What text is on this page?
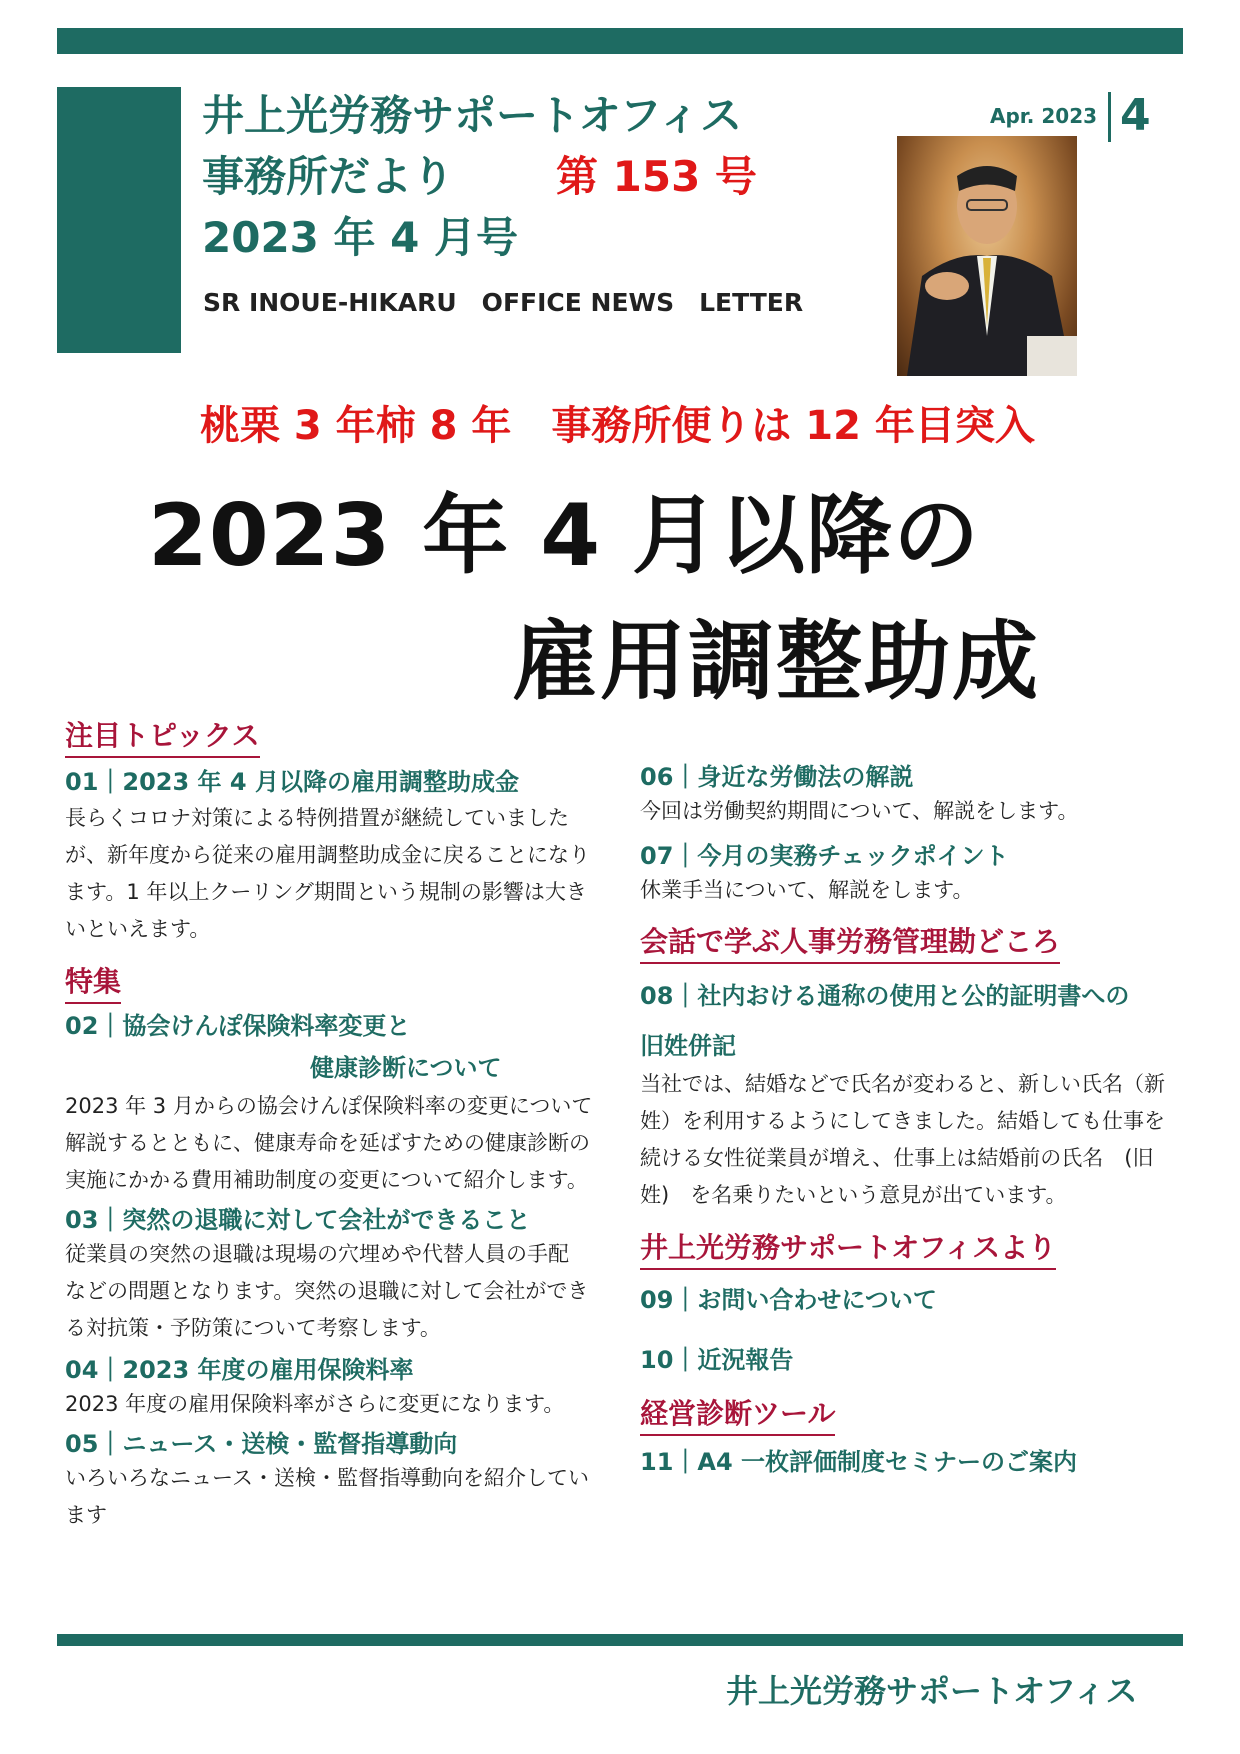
井上光労務サポートオフィス
事務所だより 第 153 号
2023 年 4 月号
SR INOUE-HIKARU　OFFICE NEWS　LETTER
Apr. 2023 4
桃栗 3 年柿 8 年　事務所便りは 12 年目突入
2023 年 4 月以降の
雇用調整助成
注目トピックス
01｜2023 年 4 月以降の雇用調整助成金
長らくコロナ対策による特例措置が継続していました
が、新年度から従来の雇用調整助成金に戻ることになり
ます。1 年以上クーリング期間という規制の影響は大き
いといえます。
特集
02｜協会けんぽ保険料率変更と
健康診断について
2023 年 3 月からの協会けんぽ保険料率の変更について
解説するとともに、健康寿命を延ばすための健康診断の
実施にかかる費用補助制度の変更について紹介します。
03｜突然の退職に対して会社ができること
従業員の突然の退職は現場の穴埋めや代替人員の手配
などの問題となります。突然の退職に対して会社ができ
る対抗策・予防策について考察します。
04｜2023 年度の雇用保険料率
2023 年度の雇用保険料率がさらに変更になります。
05｜ニュース・送検・監督指導動向
いろいろなニュース・送検・監督指導動向を紹介してい
ます
06｜身近な労働法の解説
今回は労働契約期間について、解説をします。
07｜今月の実務チェックポイント
休業手当について、解説をします。
会話で学ぶ人事労務管理勘どころ
08｜社内おける通称の使用と公的証明書への
旧姓併記
当社では、結婚などで氏名が変わると、新しい氏名（新
姓）を利用するようにしてきました。結婚しても仕事を
続ける女性従業員が増え、仕事上は結婚前の氏名　(旧
姓)　を名乗りたいという意見が出ています。
井上光労務サポートオフィスより
09｜お問い合わせについて
10｜近況報告
経営診断ツール
11｜A4 一枚評価制度セミナーのご案内
井上光労務サポートオフィス
